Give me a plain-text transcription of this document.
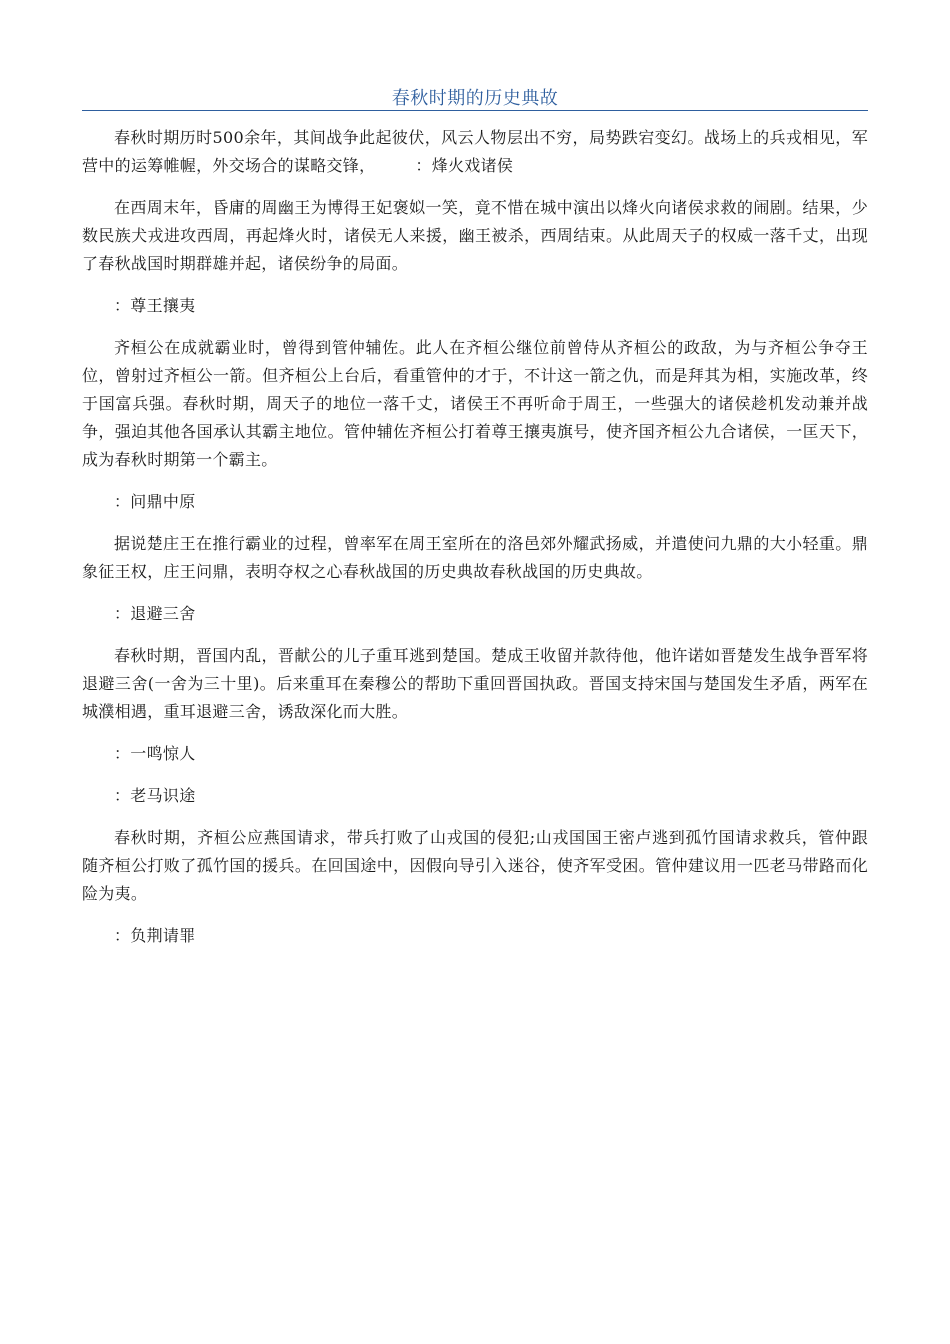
春秋时期的历史典故

春秋时期历时500余年，其间战争此起彼伏，风云人物层出不穷，局势跌宕变幻。战场上的兵戎相见，军营中的运筹帷幄，外交场合的谋略交锋，	：烽火戏诸侯

在西周末年，昏庸的周幽王为博得王妃褒姒一笑，竟不惜在城中演出以烽火向诸侯求救的闹剧。结果，少数民族犬戎进攻西周，再起烽火时，诸侯无人来援，幽王被杀，西周结束。从此周天子的权威一落千丈，出现了春秋战国时期群雄并起，诸侯纷争的局面。

：尊王攘夷

齐桓公在成就霸业时，曾得到管仲辅佐。此人在齐桓公继位前曾侍从齐桓公的政敌，为与齐桓公争夺王位，曾射过齐桓公一箭。但齐桓公上台后，看重管仲的才于，不计这一箭之仇，而是拜其为相，实施改革，终于国富兵强。春秋时期，周天子的地位一落千丈，诸侯王不再听命于周王，一些强大的诸侯趁机发动兼并战争，强迫其他各国承认其霸主地位。管仲辅佐齐桓公打着尊王攘夷旗号，使齐国齐桓公九合诸侯，一匡天下，成为春秋时期第一个霸主。

：问鼎中原

据说楚庄王在推行霸业的过程，曾率军在周王室所在的洛邑郊外耀武扬威，并遣使问九鼎的大小轻重。鼎象征王权，庄王问鼎，表明夺权之心春秋战国的历史典故春秋战国的历史典故。

：退避三舍

春秋时期，晋国内乱，晋献公的儿子重耳逃到楚国。楚成王收留并款待他，他许诺如晋楚发生战争晋军将退避三舍(一舍为三十里)。后来重耳在秦穆公的帮助下重回晋国执政。晋国支持宋国与楚国发生矛盾，两军在城濮相遇，重耳退避三舍，诱敌深化而大胜。

：一鸣惊人

：老马识途

春秋时期，齐桓公应燕国请求，带兵打败了山戎国的侵犯;山戎国国王密卢逃到孤竹国请求救兵，管仲跟随齐桓公打败了孤竹国的援兵。在回国途中，因假向导引入迷谷，使齐军受困。管仲建议用一匹老马带路而化险为夷。

：负荆请罪
